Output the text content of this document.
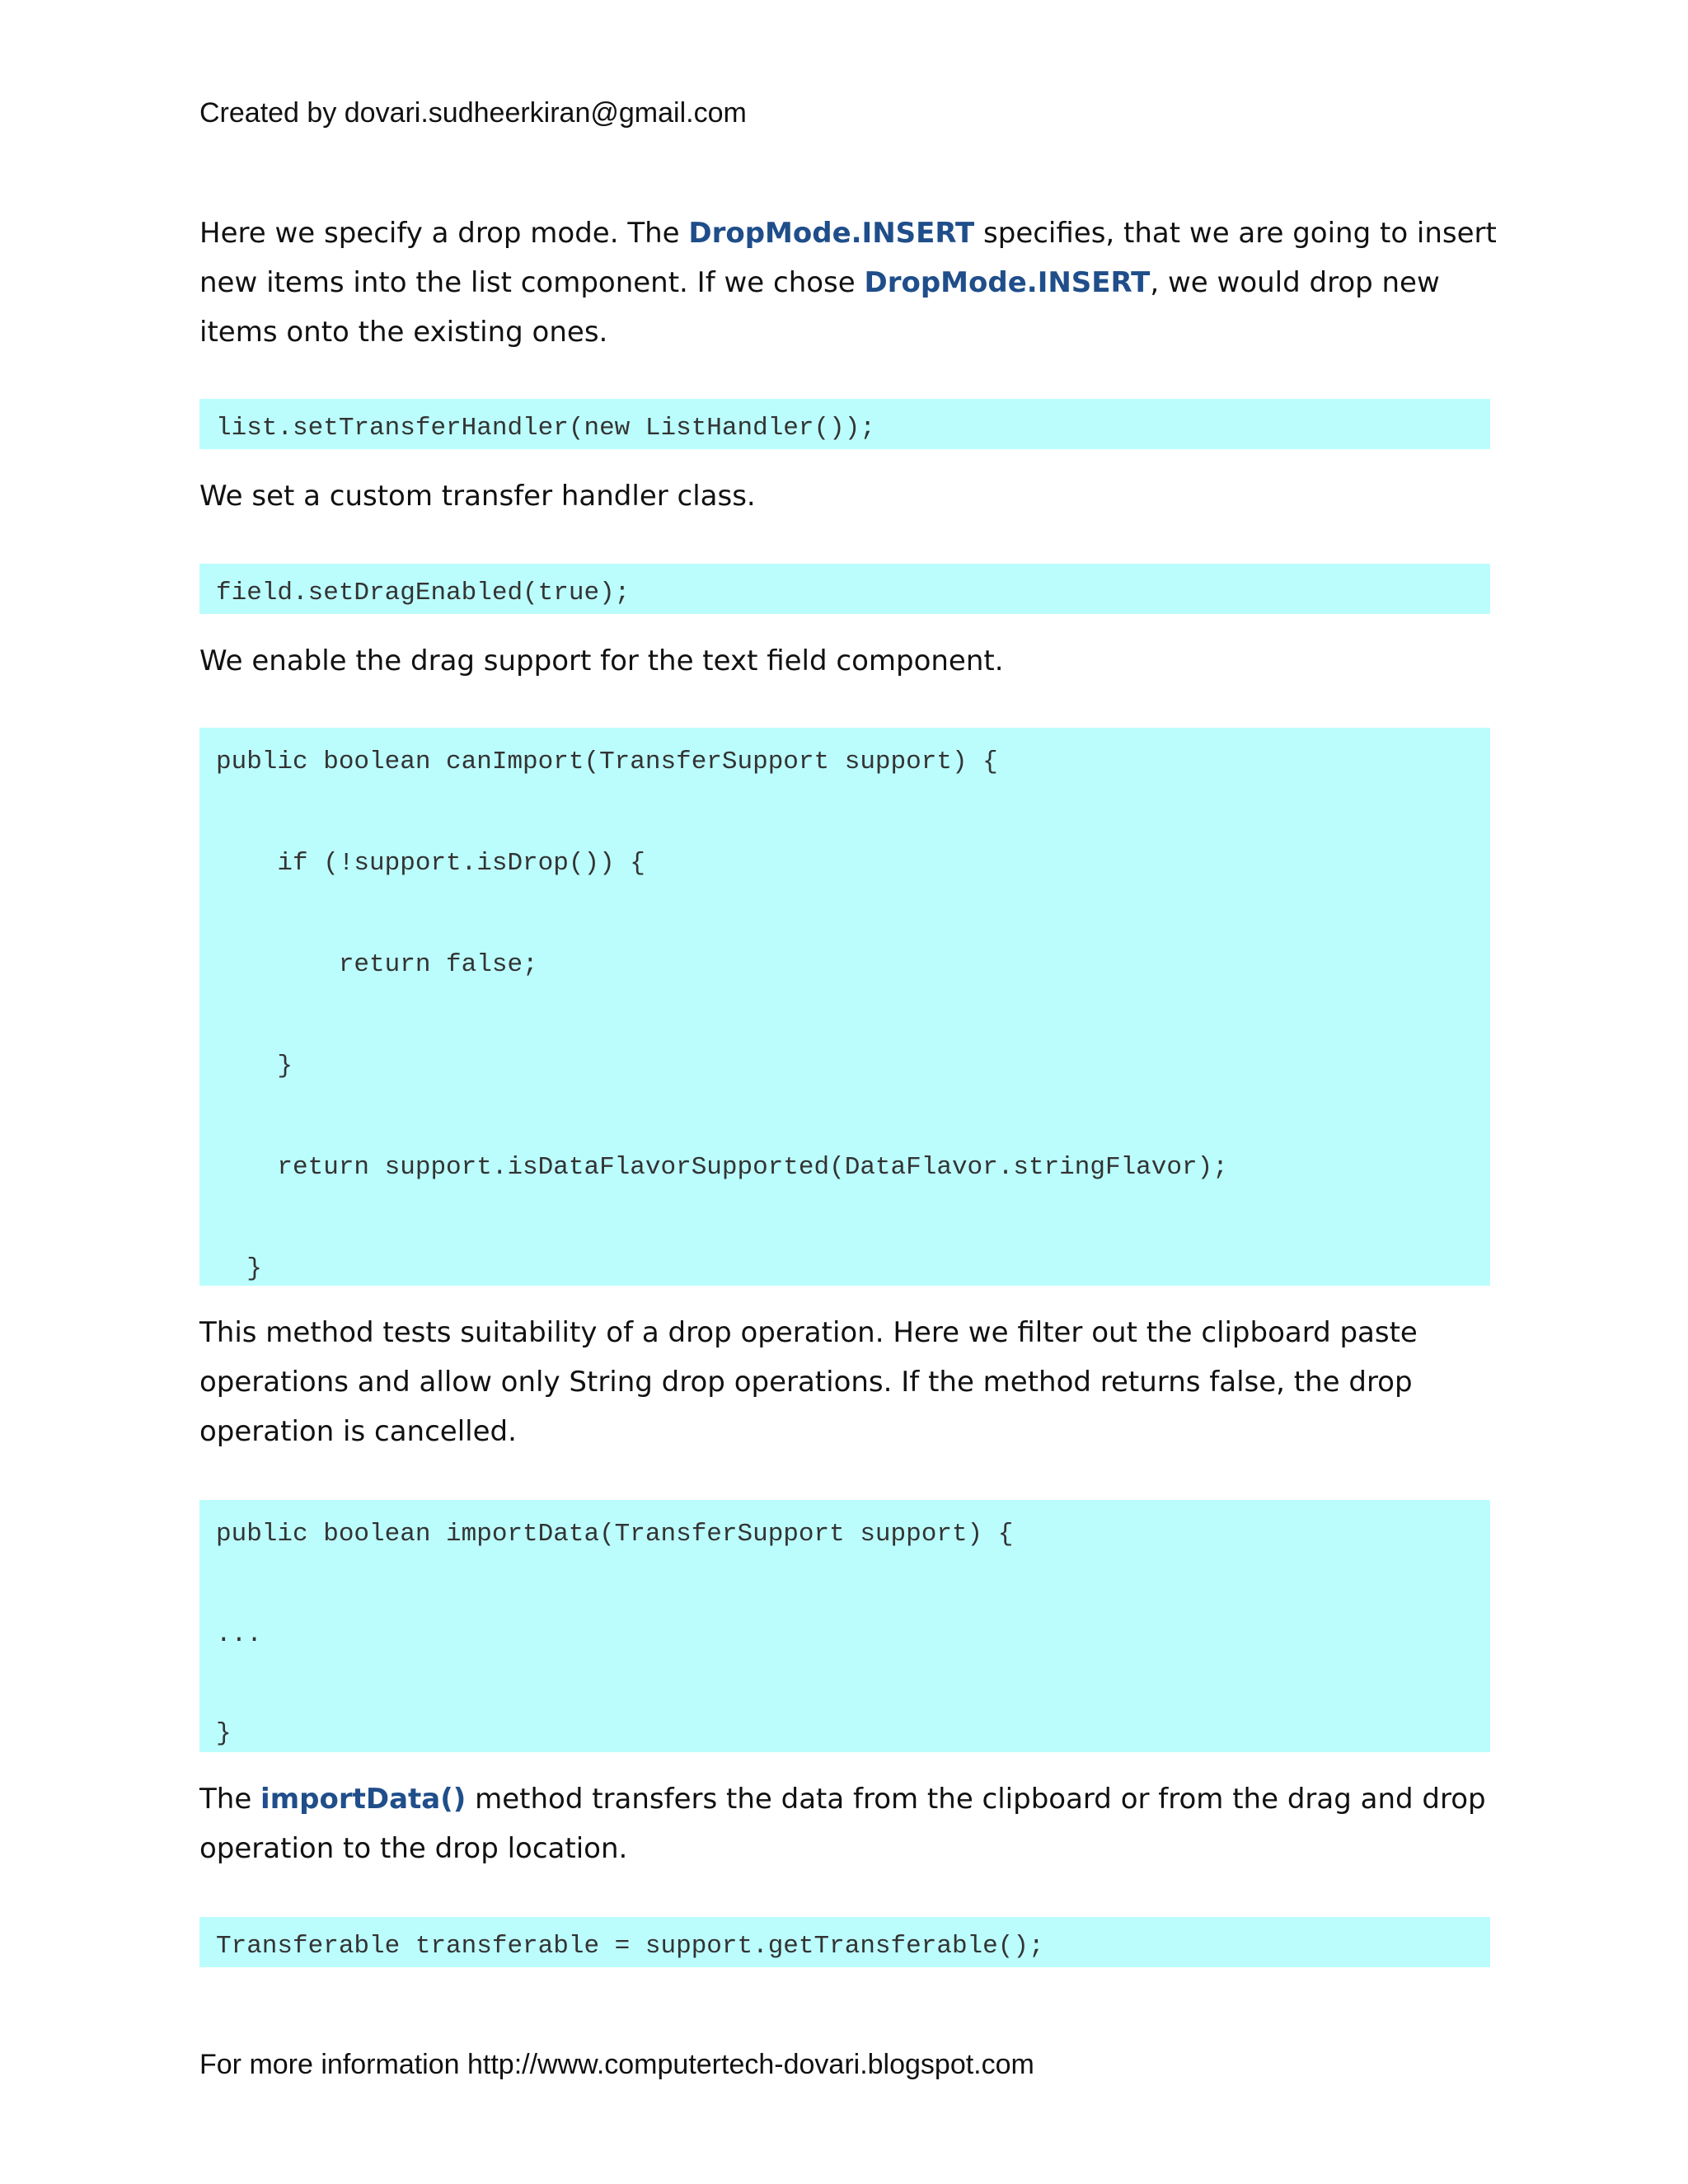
Created by dovari.sudheerkiran@gmail.com

Here we specify a drop mode. The DropMode.INSERT specifies, that we are going to insert new items into the list component. If we chose DropMode.INSERT, we would drop new items onto the existing ones.

list.setTransferHandler(new ListHandler());

We set a custom transfer handler class.

field.setDragEnabled(true);

We enable the drag support for the text field component.

public boolean canImport(TransferSupport support) {
if (!support.isDrop()) {
return false;
}
return support.isDataFlavorSupported(DataFlavor.stringFlavor);
}

This method tests suitability of a drop operation. Here we filter out the clipboard paste operations and allow only String drop operations. If the method returns false, the drop operation is cancelled.

public boolean importData(TransferSupport support) {
...
}

The importData() method transfers the data from the clipboard or from the drag and drop operation to the drop location.

Transferable transferable = support.getTransferable();
For more information http://www.computertech-dovari.blogspot.com
